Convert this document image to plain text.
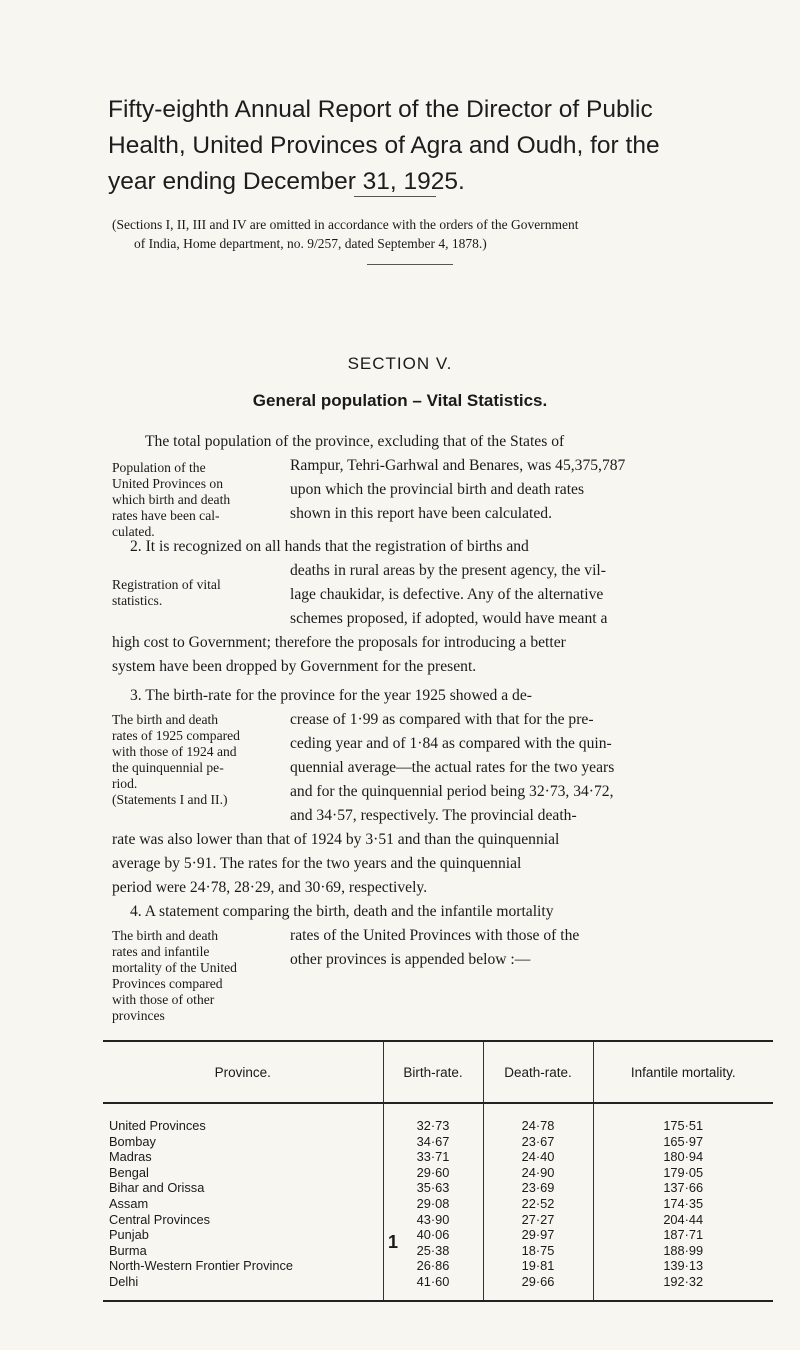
Fifty-eighth Annual Report of the Director of Public
Health, United Provinces of Agra and Oudh, for the
year ending December 31, 1925.
(Sections I, II, III and IV are omitted in accordance with the orders of the Government
of India, Home department, no. 9/257, dated September 4, 1878.)
SECTION V.
General population – Vital Statistics.
The total population of the province, excluding that of the States of
Rampur, Tehri-Garhwal and Benares, was 45,375,787
upon which the provincial birth and death rates
shown in this report have been calculated.
Population of the
United Provinces on
which birth and death
rates have been cal-
culated.
2. It is recognized on all hands that the registration of births and
deaths in rural areas by the present agency, the vil-
lage chaukidar, is defective. Any of the alternative
schemes proposed, if adopted, would have meant a
high cost to Government; therefore the proposals for introducing a better
system have been dropped by Government for the present.
Registration of vital
statistics.
3. The birth-rate for the province for the year 1925 showed a de-
crease of 1·99 as compared with that for the pre-
ceding year and of 1·84 as compared with the quin-
quennial average—the actual rates for the two years
and for the quinquennial period being 32·73, 34·72,
and 34·57, respectively. The provincial death-
rate was also lower than that of 1924 by 3·51 and than the quinquennial
average by 5·91. The rates for the two years and the quinquennial
period were 24·78, 28·29, and 30·69, respectively.
The birth and death
rates of 1925 compared
with those of 1924 and
the quinquennial pe-
riod.
(Statements I and II.)
4. A statement comparing the birth, death and the infantile mortality
rates of the United Provinces with those of the
other provinces is appended below :—
The birth and death
rates and infantile
mortality of the United
Provinces compared
with those of other
provinces
Province.	Birth-rate.	Death-rate.	Infantile mortality.
United Provinces	32·73	24·78	175·51
Bombay	34·67	23·67	165·97
Madras	33·71	24·40	180·94
Bengal	29·60	24·90	179·05
Bihar and Orissa	35·63	23·69	137·66
Assam	29·08	22·52	174·35
Central Provinces	43·90	27·27	204·44
Punjab	40·06	29·97	187·71
Burma	25·38	18·75	188·99
North-Western Frontier Province	26·86	19·81	139·13
Delhi	41·60	29·66	192·32
1
